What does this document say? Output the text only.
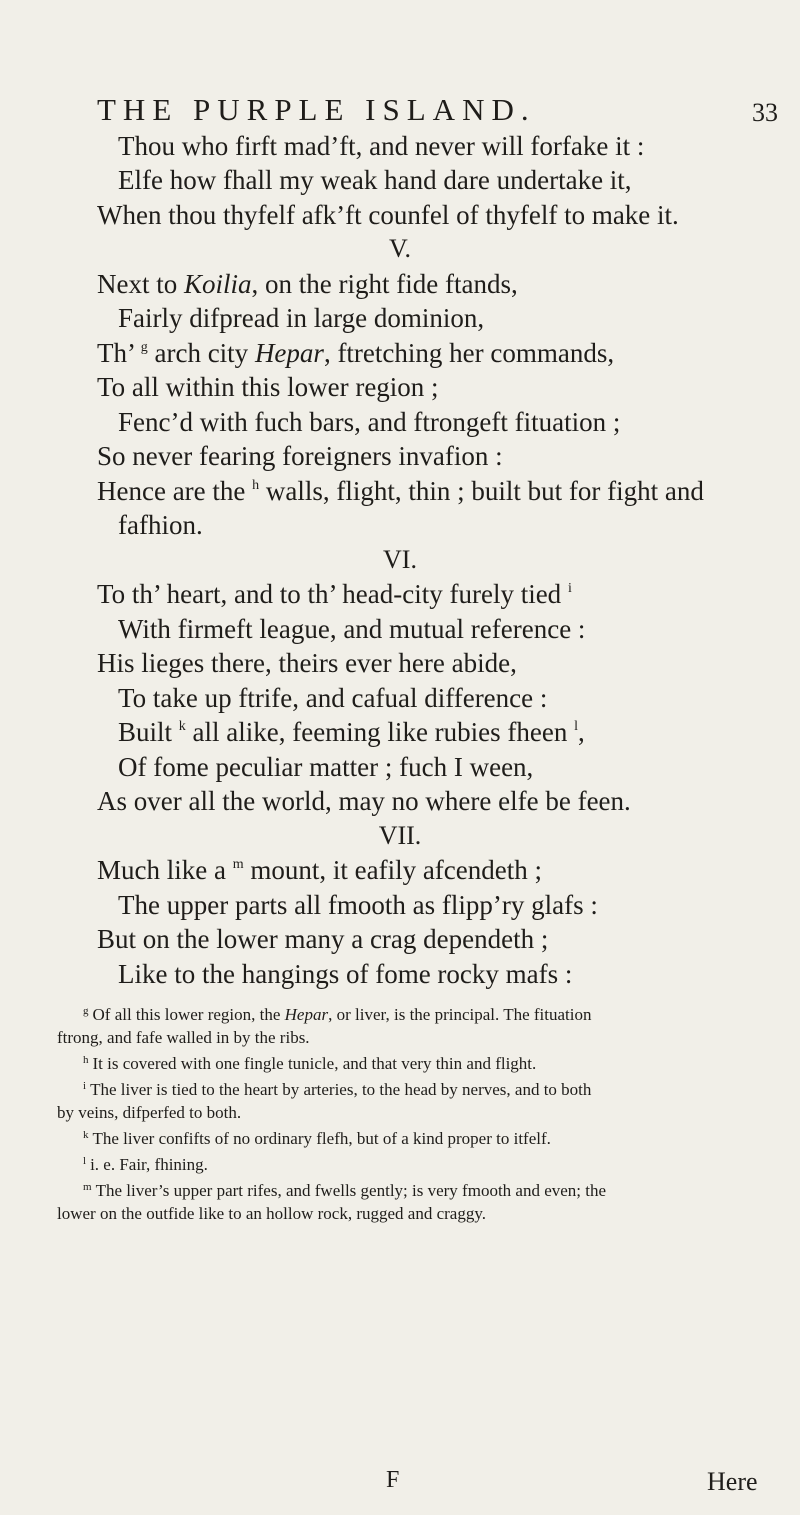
THE PURPLE ISLAND.	33
Thou who firft mad’ft, and never will forfake it :
Elfe how fhall my weak hand dare undertake it,
When thou thyfelf afk’ft counfel of thyfelf to make it.
V.
Next to Koilia, on the right fide ftands,
Fairly difpread in large dominion,
Th’ $^g$ arch city Hepar, ftretching her commands,
To all within this lower region ;
Fenc’d with fuch bars, and ftrongeft fituation ;
So never fearing foreigners invafion :
Hence are the $^h$ walls, flight, thin ; built but for fight and
fafhion.
VI.
To th’ heart, and to th’ head-city furely tied $^i$
With firmeft league, and mutual reference :
His lieges there, theirs ever here abide,
To take up ftrife, and cafual difference :
Built $^k$ all alike, feeming like rubies fheen $^l$,
Of fome peculiar matter ; fuch I ween,
As over all the world, may no where elfe be feen.
VII.
Much like a $^m$ mount, it eafily afcendeth ;
The upper parts all fmooth as flipp’ry glafs :
But on the lower many a crag dependeth ;
Like to the hangings of fome rocky mafs :

$^g$ Of all this lower region, the Hepar, or liver, is the principal. The fituation

ftrong, and fafe walled in by the ribs.

$^h$ It is covered with one fingle tunicle, and that very thin and flight.

$^i$ The liver is tied to the heart by arteries, to the head by nerves, and to both

by veins, difperfed to both.

$^k$ The liver confifts of no ordinary flefh, but of a kind proper to itfelf.

$^l$ i. e. Fair, fhining.

$^m$ The liver’s upper part rifes, and fwells gently; is very fmooth and even; the

lower on the outfide like to an hollow rock, rugged and craggy.

F	Here
